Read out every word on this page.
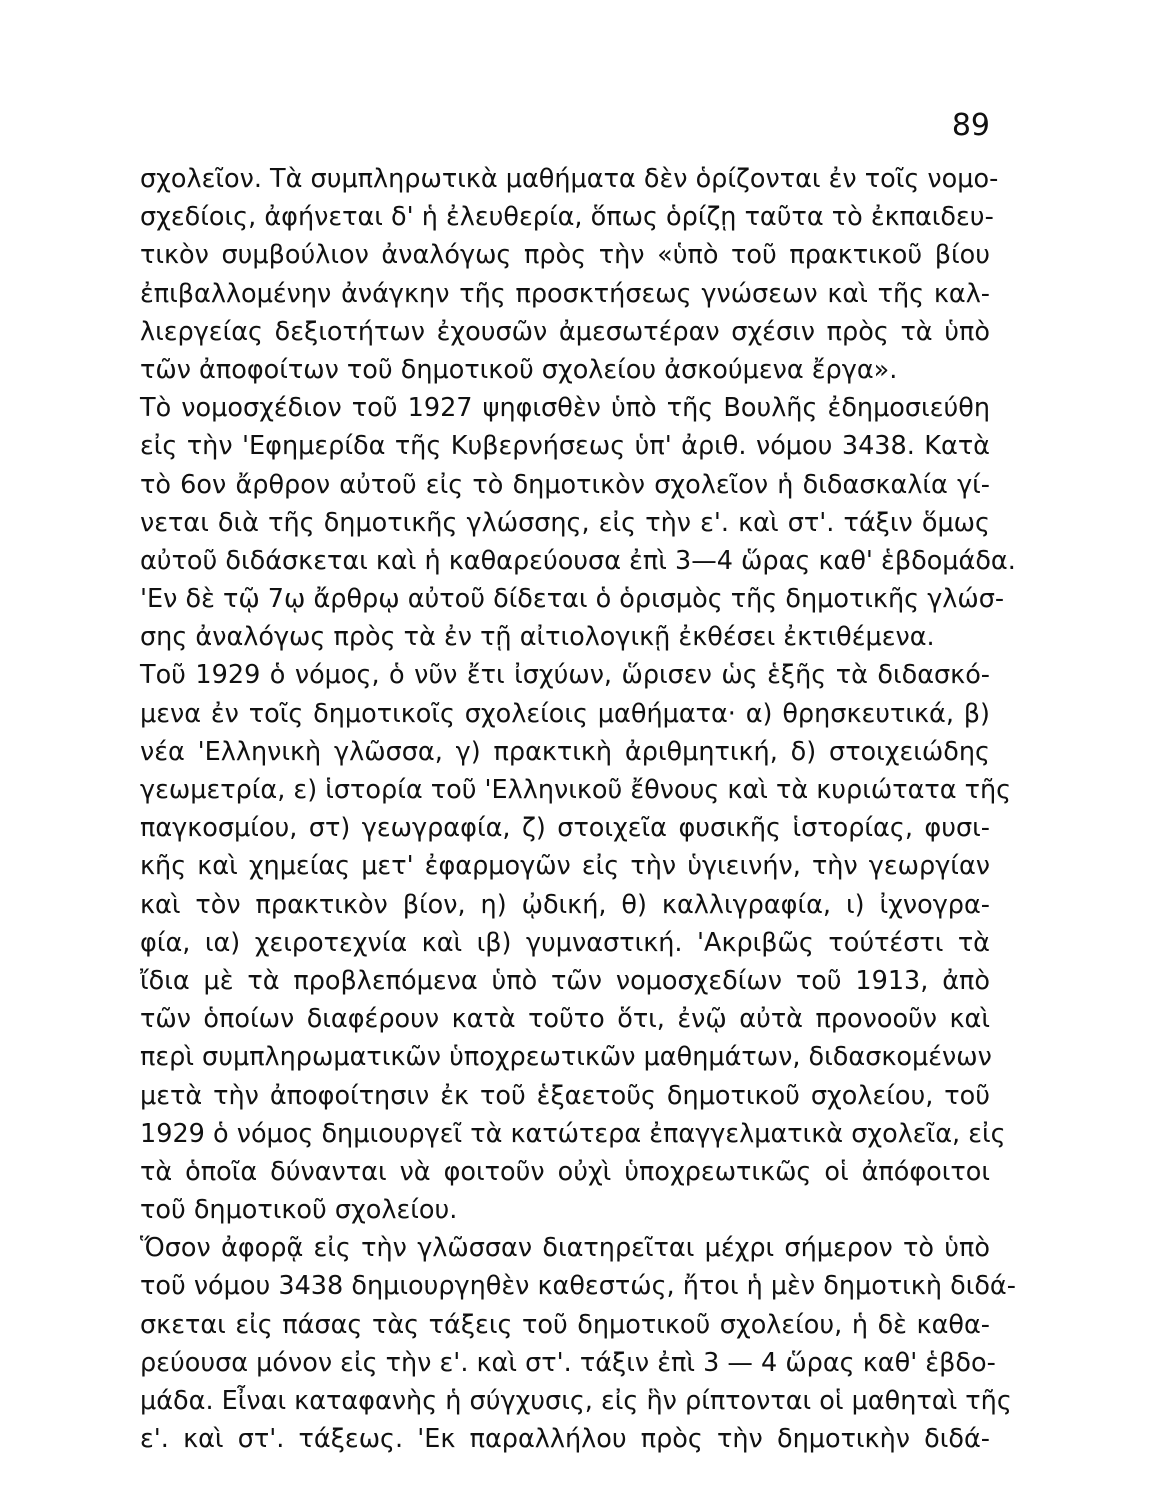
89
σχολεῖον. Τὰ συμπληρωτικὰ μαθήματα δὲν ὁρίζονται ἐν τοῖς νομο-
σχεδίοις, ἀφήνεται δ' ἡ ἐλευθερία, ὅπως ὁρίζῃ ταῦτα τὸ ἐκπαιδευ-
τικὸν συμβούλιον ἀναλόγως πρὸς τὴν «ὑπὸ τοῦ πρακτικοῦ βίου
ἐπιβαλλομένην ἀνάγκην τῆς προσκτήσεως γνώσεων καὶ τῆς καλ-
λιεργείας δεξιοτήτων ἐχουσῶν ἀμεσωτέραν σχέσιν πρὸς τὰ ὑπὸ
τῶν ἀποφοίτων τοῦ δημοτικοῦ σχολείου ἀσκούμενα ἔργα».
Τὸ νομοσχέδιον τοῦ 1927 ψηφισθὲν ὑπὸ τῆς Βουλῆς ἐδημοσιεύθη
εἰς τὴν 'Εφημερίδα τῆς Κυβερνήσεως ὑπ' ἀριθ. νόμου 3438. Κατὰ
τὸ 6ον ἄρθρον αὐτοῦ εἰς τὸ δημοτικὸν σχολεῖον ἡ διδασκαλία γί-
νεται διὰ τῆς δημοτικῆς γλώσσης, εἰς τὴν ε'. καὶ στ'. τάξιν ὅμως
αὐτοῦ διδάσκεται καὶ ἡ καθαρεύουσα ἐπὶ 3—4 ὥρας καθ' ἑβδομάδα.
'Εν δὲ τῷ 7ῳ ἄρθρῳ αὐτοῦ δίδεται ὁ ὁρισμὸς τῆς δημοτικῆς γλώσ-
σης ἀναλόγως πρὸς τὰ ἐν τῇ αἰτιολογικῇ ἐκθέσει ἐκτιθέμενα.
Τοῦ 1929 ὁ νόμος, ὁ νῦν ἔτι ἰσχύων, ὥρισεν ὡς ἑξῆς τὰ διδασκό-
μενα ἐν τοῖς δημοτικοῖς σχολείοις μαθήματα· α) θρησκευτικά, β)
νέα 'Ελληνικὴ γλῶσσα, γ) πρακτικὴ ἀριθμητική, δ) στοιχειώδης
γεωμετρία, ε) ἱστορία τοῦ 'Ελληνικοῦ ἔθνους καὶ τὰ κυριώτατα τῆς
παγκοσμίου, στ) γεωγραφία, ζ) στοιχεῖα φυσικῆς ἱστορίας, φυσι-
κῆς καὶ χημείας μετ' ἐφαρμογῶν εἰς τὴν ὑγιεινήν, τὴν γεωργίαν
καὶ τὸν πρακτικὸν βίον, η) ᾠδική, θ) καλλιγραφία, ι) ἰχνογρα-
φία, ια) χειροτεχνία καὶ ιβ) γυμναστική. 'Ακριβῶς τούτέστι τὰ
ἴδια μὲ τὰ προβλεπόμενα ὑπὸ τῶν νομοσχεδίων τοῦ 1913, ἀπὸ
τῶν ὁποίων διαφέρουν κατὰ τοῦτο ὅτι, ἐνῷ αὐτὰ προνοοῦν καὶ
περὶ συμπληρωματικῶν ὑποχρεωτικῶν μαθημάτων, διδασκομένων
μετὰ τὴν ἀποφοίτησιν ἐκ τοῦ ἑξαετοῦς δημοτικοῦ σχολείου, τοῦ
1929 ὁ νόμος δημιουργεῖ τὰ κατώτερα ἐπαγγελματικὰ σχολεῖα, εἰς
τὰ ὁποῖα δύνανται νὰ φοιτοῦν οὐχὶ ὑποχρεωτικῶς οἱ ἀπόφοιτοι
τοῦ δημοτικοῦ σχολείου.
Ὅσον ἀφορᾷ εἰς τὴν γλῶσσαν διατηρεῖται μέχρι σήμερον τὸ ὑπὸ
τοῦ νόμου 3438 δημιουργηθὲν καθεστώς, ἤτοι ἡ μὲν δημοτικὴ διδά-
σκεται εἰς πάσας τὰς τάξεις τοῦ δημοτικοῦ σχολείου, ἡ δὲ καθα-
ρεύουσα μόνον εἰς τὴν ε'. καὶ στ'. τάξιν ἐπὶ 3 — 4 ὥρας καθ' ἑβδο-
μάδα. Εἶναι καταφανὴς ἡ σύγχυσις, εἰς ἣν ρίπτονται οἱ μαθηταὶ τῆς
ε'. καὶ στ'. τάξεως. 'Εκ παραλλήλου πρὸς τὴν δημοτικὴν διδά-
